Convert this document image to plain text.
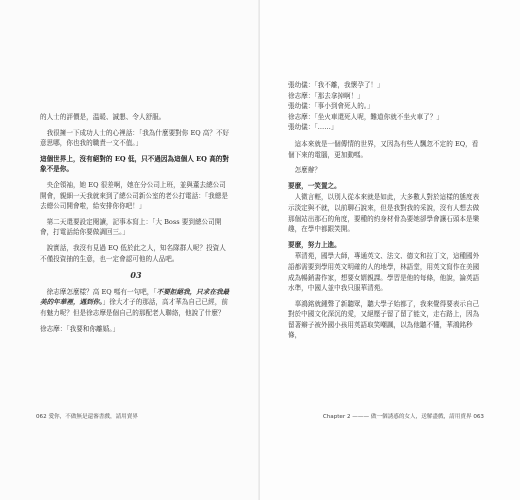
的人士的評價是，温暖、誠懇、令人舒服。

我很擁一下成功人士的心裡話：「我為什麼要對你 EQ 高？不好意思哪，你也我的職責一文不值。」

這個世界上，沒有絕對的 EQ 低，只不過因為這個人 EQ 高的對象不是你。

央企領袖，她 EQ 很差啊，她在分公司上班，並與董去總公司開會，親細一天我就來到了總公司新公室的老公打電話：「我總是去總公司開會啦，給安排你你吧！」

第二天還要設定閱讀，記事本寫上：「大 Boss 要到總公司開會，打電話給你要做調回三。」

說實話，我沒有見過 EQ 低於此之人，知名隊群人呢？投資人不僅投資抽的生意，也一定會認可他的人品吧。

03

徐志摩怎麼樣？高 EQ 嗎有一句吧，「不要拒絕我，只求在我最美的年華裡，遇到你。」徐大才子的那話，高才華為自己已經，前有魅力呢？但是徐志摩是個自己的那配老人聯絡，他說了什麼？

徐志摩：「我要和你離婚。」

062 愛你，不做無是還審書戲，請用賣界

張幼儀：「我不離，我懷孕了！」

徐志摩：「那去拿掉啊！」

張幼儀：「事小到會死人的。」

徐志摩：「坐火車還死人呢，難道你就不坐火車了？」

張幼儀：「……」

這本來就是一個傳情的世界，又因為有些人飄忽不定的 EQ，看個下來的電腦，更加動嗎。

怎麼辦？

要麼，一笑置之。

人微言輕，以別人從本來就是如此，大多數人對於這樣的態度表示淡定與不就，以前聊石說來，但是我對我的采說，沒有人想去做那個站出那石的角度，要種的約身材骨為要她卻學會讓石頭本是樂趣，在學中都跟笑開。

要麼，努力上進。

華清苑，國學大師，專通英文、法文、德文和拉丁文，這種國外語都需要到學用英文明確的人的地學，林語堂，用英文寫作在美國成為暢銷書作家，想要女婿親課。學習是他的每條，他說，論英語水準，中國人並中我只服華清苑。

辜鴻銘就鍾聲了新聽眾，聽大學子始都了，我來覺得要表示自己對於中國文化深沉的愛，又絕壓子留了留了能文，走右路上，因為留著辮子被外國小孩用英語取笑嘲諷，以為他聽不懂，華鴻銘秒條，

Chapter 2 ——— 做一個誘惑的女人，送解盡戲，請用賣界 063
